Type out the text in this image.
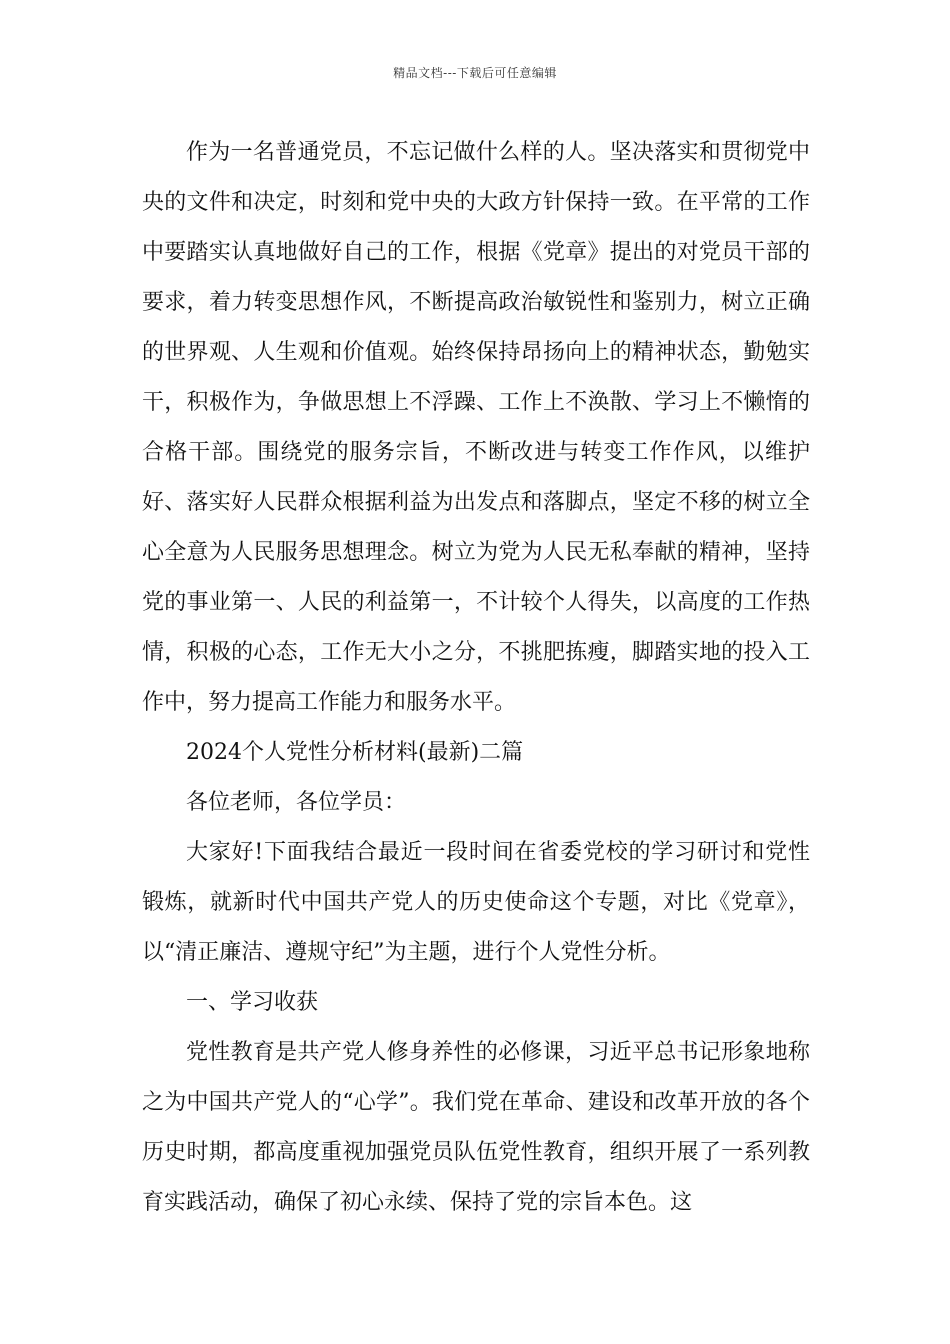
精品文档---下载后可任意编辑

作为一名普通党员，不忘记做什么样的人。坚决落实和贯彻党中央的文件和决定，时刻和党中央的大政方针保持一致。在平常的工作中要踏实认真地做好自己的工作，根据《党章》提出的对党员干部的要求，着力转变思想作风，不断提高政治敏锐性和鉴别力，树立正确的世界观、人生观和价值观。始终保持昂扬向上的精神状态，勤勉实干，积极作为，争做思想上不浮躁、工作上不涣散、学习上不懒惰的合格干部。围绕党的服务宗旨，不断改进与转变工作作风，以维护好、落实好人民群众根据利益为出发点和落脚点，坚定不移的树立全心全意为人民服务思想理念。树立为党为人民无私奉献的精神，坚持党的事业第一、人民的利益第一，不计较个人得失，以高度的工作热情，积极的心态，工作无大小之分，不挑肥拣瘦，脚踏实地的投入工作中，努力提高工作能力和服务水平。

2024个人党性分析材料(最新)二篇

各位老师，各位学员：

大家好!下面我结合最近一段时间在省委党校的学习研讨和党性锻炼，就新时代中国共产党人的历史使命这个专题，对比《党章》，以“清正廉洁、遵规守纪”为主题，进行个人党性分析。

一、学习收获

党性教育是共产党人修身养性的必修课，习近平总书记形象地称之为中国共产党人的“心学”。我们党在革命、建设和改革开放的各个历史时期，都高度重视加强党员队伍党性教育，组织开展了一系列教育实践活动，确保了初心永续、保持了党的宗旨本色。这
